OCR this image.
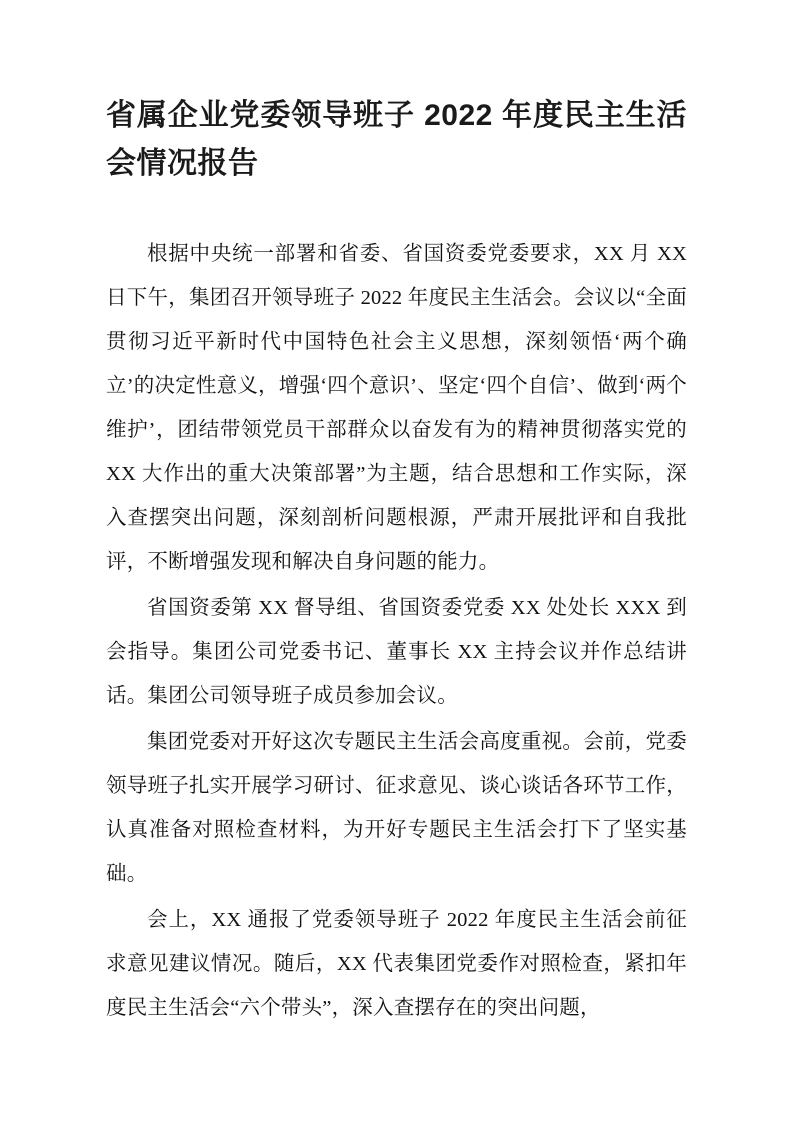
省属企业党委领导班子 2022 年度民主生活会情况报告

根据中央统一部署和省委、省国资委党委要求，XX 月 XX 日下午，集团召开领导班子 2022 年度民主生活会。会议以“全面贯彻习近平新时代中国特色社会主义思想，深刻领悟‘两个确立’的决定性意义，增强‘四个意识’、坚定‘四个自信’、做到‘两个维护’，团结带领党员干部群众以奋发有为的精神贯彻落实党的 XX 大作出的重大决策部署”为主题，结合思想和工作实际，深入查摆突出问题，深刻剖析问题根源，严肃开展批评和自我批评，不断增强发现和解决自身问题的能力。

省国资委第 XX 督导组、省国资委党委 XX 处处长 XXX 到会指导。集团公司党委书记、董事长 XX 主持会议并作总结讲话。集团公司领导班子成员参加会议。

集团党委对开好这次专题民主生活会高度重视。会前，党委领导班子扎实开展学习研讨、征求意见、谈心谈话各环节工作，认真准备对照检查材料，为开好专题民主生活会打下了坚实基础。

会上，XX 通报了党委领导班子 2022 年度民主生活会前征求意见建议情况。随后，XX 代表集团党委作对照检查，紧扣年度民主生活会“六个带头”，深入查摆存在的突出问题，
